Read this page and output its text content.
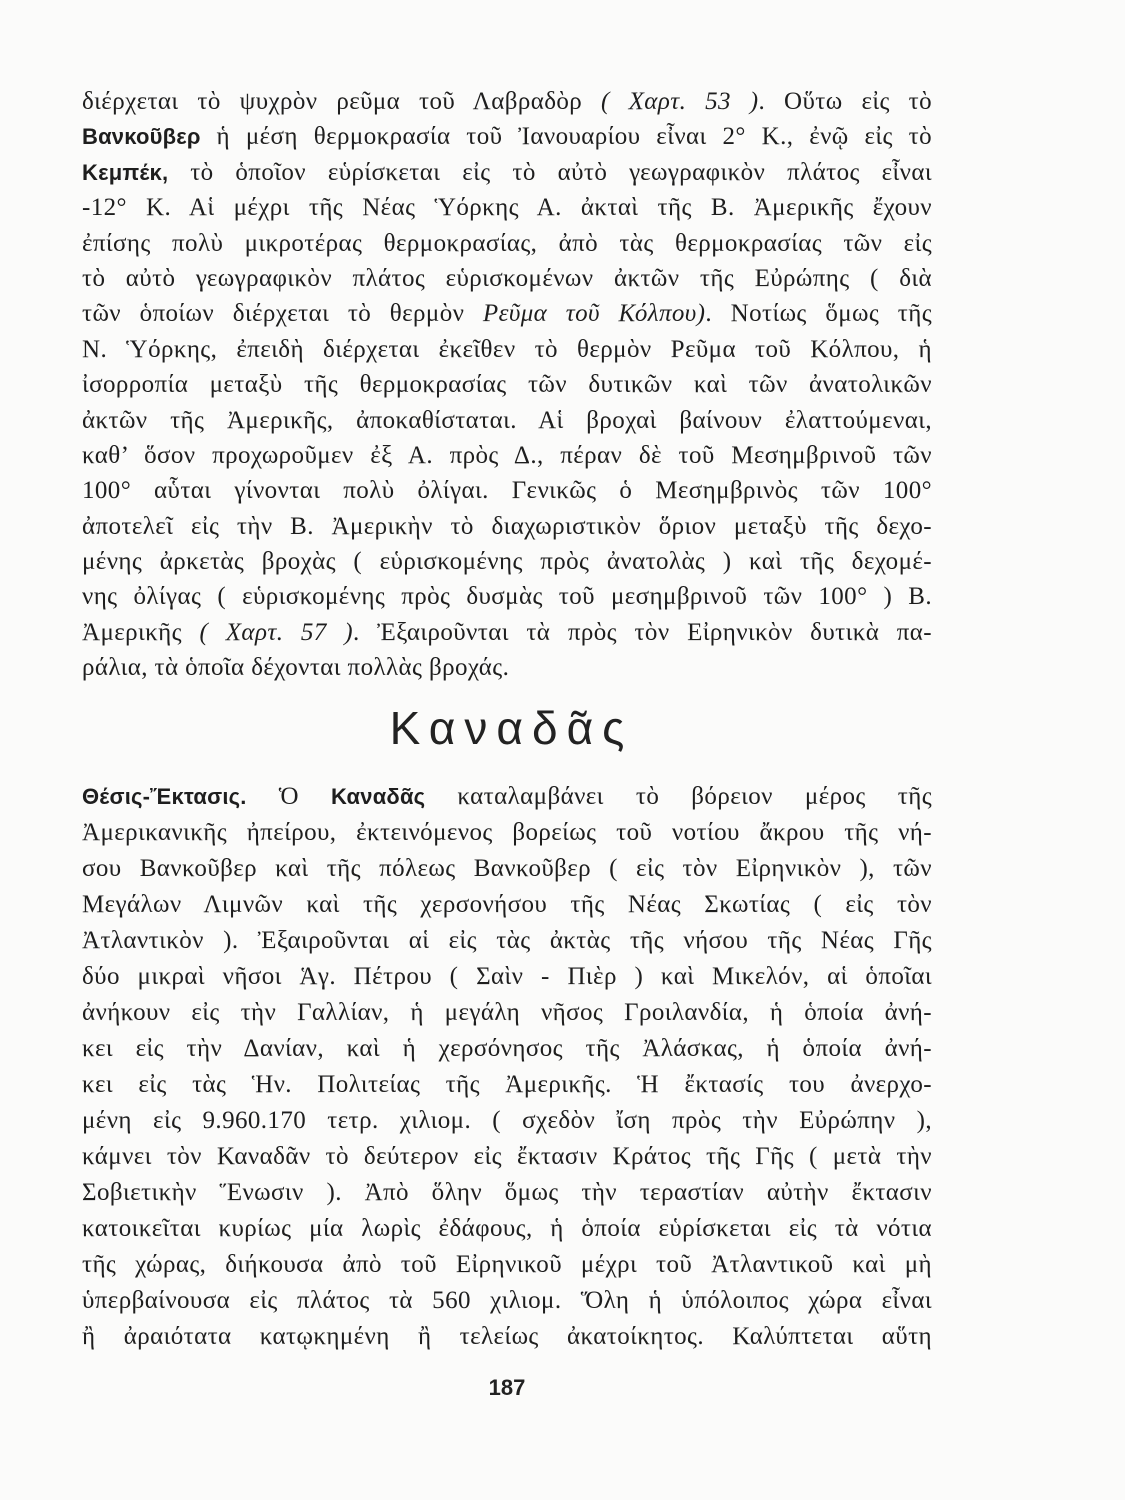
διέρχεται τὸ ψυχρὸν ρεῦμα τοῦ Λαβραδὸρ ( Χαρτ. 53 ). Οὕτω εἰς τὸ
Βανκοῦβερ ἡ μέση θερμοκρασία τοῦ Ἰανουαρίου εἶναι 2° Κ., ἐνῷ εἰς τὸ
Κεμπέκ, τὸ ὁποῖον εὑρίσκεται εἰς τὸ αὐτὸ γεωγραφικὸν πλάτος εἶναι
-12° Κ. Αἱ μέχρι τῆς Νέας Ὑόρκης Α. ἀκταὶ τῆς Β. Ἀμερικῆς ἔχουν
ἐπίσης πολὺ μικροτέρας θερμοκρασίας, ἀπὸ τὰς θερμοκρασίας τῶν εἰς
τὸ αὐτὸ γεωγραφικὸν πλάτος εὑρισκομένων ἀκτῶν τῆς Εὐρώπης ( διὰ
τῶν ὁποίων διέρχεται τὸ θερμὸν Ρεῦμα τοῦ Κόλπου). Νοτίως ὅμως τῆς
Ν. Ὑόρκης, ἐπειδὴ διέρχεται ἐκεῖθεν τὸ θερμὸν Ρεῦμα τοῦ Κόλπου, ἡ
ἰσορροπία μεταξὺ τῆς θερμοκρασίας τῶν δυτικῶν καὶ τῶν ἀνατολικῶν
ἀκτῶν τῆς Ἀμερικῆς, ἀποκαθίσταται. Αἱ βροχαὶ βαίνουν ἐλαττούμεναι,
καθ’ ὅσον προχωροῦμεν ἐξ Α. πρὸς Δ., πέραν δὲ τοῦ Μεσημβρινοῦ τῶν
100° αὗται γίνονται πολὺ ὀλίγαι. Γενικῶς ὁ Μεσημβρινὸς τῶν 100°
ἀποτελεῖ εἰς τὴν Β. Ἀμερικὴν τὸ διαχωριστικὸν ὅριον μεταξὺ τῆς δεχο-
μένης ἀρκετὰς βροχὰς ( εὑρισκομένης πρὸς ἀνατολὰς ) καὶ τῆς δεχομέ-
νης ὀλίγας ( εὑρισκομένης πρὸς δυσμὰς τοῦ μεσημβρινοῦ τῶν 100° ) Β.
Ἀμερικῆς ( Χαρτ. 57 ). Ἐξαιροῦνται τὰ πρὸς τὸν Εἰρηνικὸν δυτικὰ πα-
ράλια, τὰ ὁποῖα δέχονται πολλὰς βροχάς.
Καναδᾶς
Θέσις-Ἔκτασις. Ὁ Καναδᾶς καταλαμβάνει τὸ βόρειον μέρος τῆς
Ἀμερικανικῆς ἠπείρου, ἐκτεινόμενος βορείως τοῦ νοτίου ἄκρου τῆς νή-
σου Βανκοῦβερ καὶ τῆς πόλεως Βανκοῦβερ ( εἰς τὸν Εἰρηνικὸν ), τῶν
Μεγάλων Λιμνῶν καὶ τῆς χερσονήσου τῆς Νέας Σκωτίας ( εἰς τὸν
Ἀτλαντικὸν ). Ἐξαιροῦνται αἱ εἰς τὰς ἀκτὰς τῆς νήσου τῆς Νέας Γῆς
δύο μικραὶ νῆσοι Ἁγ. Πέτρου ( Σαὶν - Πιὲρ ) καὶ Μικελόν, αἱ ὁποῖαι
ἀνήκουν εἰς τὴν Γαλλίαν, ἡ μεγάλη νῆσος Γροιλανδία, ἡ ὁποία ἀνή-
κει εἰς τὴν Δανίαν, καὶ ἡ χερσόνησος τῆς Ἀλάσκας, ἡ ὁποία ἀνή-
κει εἰς τὰς Ἡν. Πολιτείας τῆς Ἀμερικῆς. Ἡ ἔκτασίς του ἀνερχο-
μένη εἰς 9.960.170 τετρ. χιλιομ. ( σχεδὸν ἴση πρὸς τὴν Εὐρώπην ),
κάμνει τὸν Καναδᾶν τὸ δεύτερον εἰς ἔκτασιν Κράτος τῆς Γῆς ( μετὰ τὴν
Σοβιετικὴν Ἕνωσιν ). Ἀπὸ ὅλην ὅμως τὴν τεραστίαν αὐτὴν ἔκτασιν
κατοικεῖται κυρίως μία λωρὶς ἐδάφους, ἡ ὁποία εὑρίσκεται εἰς τὰ νότια
τῆς χώρας, διήκουσα ἀπὸ τοῦ Εἰρηνικοῦ μέχρι τοῦ Ἀτλαντικοῦ καὶ μὴ
ὑπερβαίνουσα εἰς πλάτος τὰ 560 χιλιομ. Ὅλη ἡ ὑπόλοιπος χώρα εἶναι
ἢ ἀραιότατα κατῳκημένη ἢ τελείως ἀκατοίκητος. Καλύπτεται αὕτη
187
